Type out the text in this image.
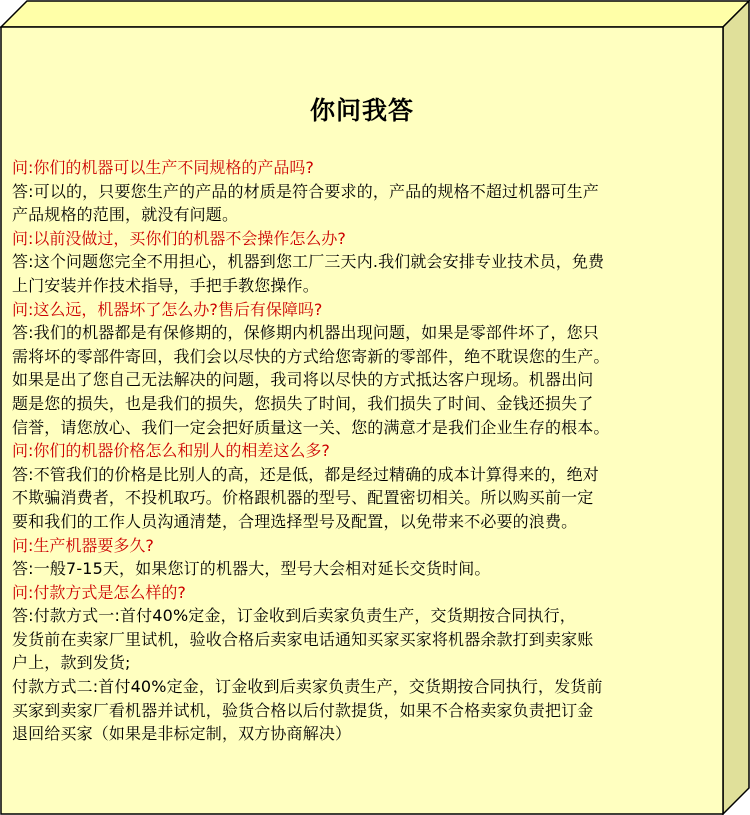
你问我答
问:你们的机器可以生产不同规格的产品吗?
答:可以的，只要您生产的产品的材质是符合要求的，产品的规格不超过机器可生产
产品规格的范围，就没有问题。
问:以前没做过，买你们的机器不会操作怎么办?
答:这个问题您完全不用担心，机器到您工厂三天内.我们就会安排专业技术员，免费
上门安装并作技术指导，手把手教您操作。
问:这么远，机器坏了怎么办?售后有保障吗?
答:我们的机器都是有保修期的，保修期内机器出现问题，如果是零部件坏了，您只
需将坏的零部件寄回，我们会以尽快的方式给您寄新的零部件，绝不耽误您的生产。
如果是出了您自己无法解决的问题，我司将以尽快的方式抵达客户现场。机器出问
题是您的损失，也是我们的损失，您损失了时间，我们损失了时间、金钱还损失了
信誉，请您放心、我们一定会把好质量这一关、您的满意才是我们企业生存的根本。
问:你们的机器价格怎么和别人的相差这么多?
答:不管我们的价格是比别人的高，还是低，都是经过精确的成本计算得来的，绝对
不欺骗消费者，不投机取巧。价格跟机器的型号、配置密切相关。所以购买前一定
要和我们的工作人员沟通清楚，合理选择型号及配置，以免带来不必要的浪费。
问:生产机器要多久?
答:一般7-15天，如果您订的机器大，型号大会相对延长交货时间。
问:付款方式是怎么样的?
答:付款方式一:首付40%定金，订金收到后卖家负责生产，交货期按合同执行，
发货前在卖家厂里试机，验收合格后卖家电话通知买家买家将机器余款打到卖家账
户上，款到发货;
付款方式二:首付40%定金，订金收到后卖家负责生产，交货期按合同执行，发货前
买家到卖家厂看机器并试机，验货合格以后付款提货，如果不合格卖家负责把订金
退回给买家（如果是非标定制，双方协商解决）
